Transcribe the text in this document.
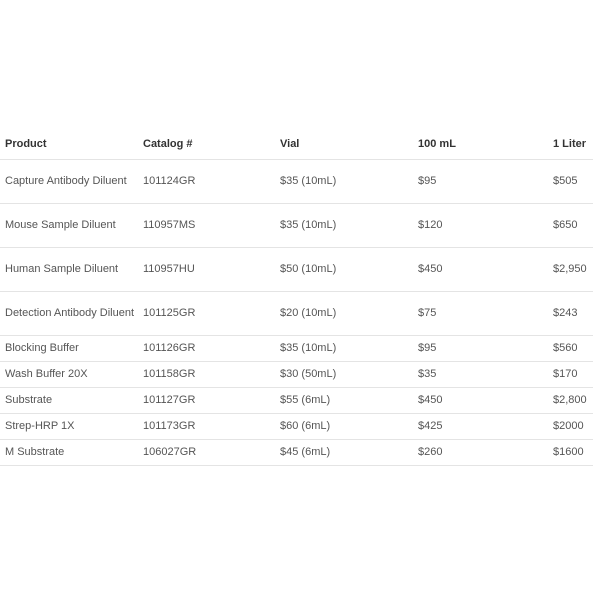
Product	Catalog #	Vial	100 mL	1 Liter
Capture Antibody Diluent	101124GR	$35 (10mL)	$95	$505
Mouse Sample Diluent	110957MS	$35 (10mL)	$120	$650
Human Sample Diluent	110957HU	$50 (10mL)	$450	$2,950
Detection Antibody Diluent	101125GR	$20 (10mL)	$75	$243
Blocking Buffer	101126GR	$35 (10mL)	$95	$560
Wash Buffer 20X	101158GR	$30 (50mL)	$35	$170
Substrate	101127GR	$55 (6mL)	$450	$2,800
Strep-HRP 1X	101173GR	$60 (6mL)	$425	$2000
M Substrate	106027GR	$45 (6mL)	$260	$1600
